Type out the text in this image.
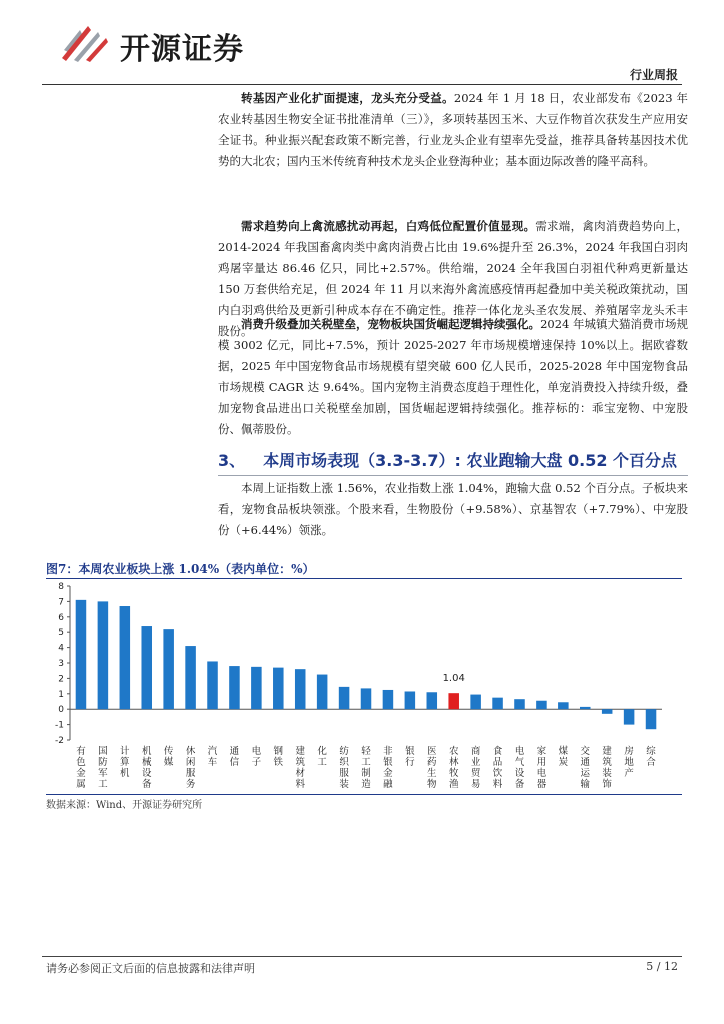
开源证券
行业周报

转基因产业化扩面提速，龙头充分受益。2024 年 1 月 18 日，农业部发布《2023 年农业转基因生物安全证书批准清单（三）》，多项转基因玉米、大豆作物首次获发生产应用安全证书。种业振兴配套政策不断完善，行业龙头企业有望率先受益，推荐具备转基因技术优势的大北农；国内玉米传统育种技术龙头企业登海种业；基本面边际改善的隆平高科。

需求趋势向上禽流感扰动再起，白鸡低位配置价值显现。需求端，禽肉消费趋势向上，2014-2024 年我国畜禽肉类中禽肉消费占比由 19.6%提升至 26.3%，2024 年我国白羽肉鸡屠宰量达 86.46 亿只，同比+2.57%。供给端，2024 全年我国白羽祖代种鸡更新量达 150 万套供给充足，但 2024 年 11 月以来海外禽流感疫情再起叠加中美关税政策扰动，国内白羽鸡供给及更新引种成本存在不确定性。推荐一体化龙头圣农发展、养殖屠宰龙头禾丰股份。

消费升级叠加关税壁垒，宠物板块国货崛起逻辑持续强化。2024 年城镇犬猫消费市场规模 3002 亿元，同比+7.5%，预计 2025-2027 年市场规模增速保持 10%以上。据欧睿数据，2025 年中国宠物食品市场规模有望突破 600 亿人民币，2025-2028 年中国宠物食品市场规模 CAGR 达 9.64%。国内宠物主消费态度趋于理性化，单宠消费投入持续升级，叠加宠物食品进出口关税壁垒加剧，国货崛起逻辑持续强化。推荐标的：乖宝宠物、中宠股份、佩蒂股份。

3、 本周市场表现（3.3-3.7）: 农业跑输大盘 0.52 个百分点

本周上证指数上涨 1.56%，农业指数上涨 1.04%，跑输大盘 0.52 个百分点。子板块来看，宠物食品板块领涨。个股来看，生物股份（+9.58%）、京基智农（+7.79%）、中宠股份（+6.44%）领涨。

图7：本周农业板块上涨 1.04%（表内单位：%）
-2
-1
0
1
2
3
4
5
6
7
8
有色金属
国防军工
计算机
机械设备
传媒
休闲服务
汽车
通信
电子
钢铁
建筑材料
化工
纺织服装
轻工制造
非银金融
银行
医药生物
农林牧渔
1.04
商业贸易
食品饮料
电气设备
家用电器
煤炭
交通运输
建筑装饰
房地产
综合
数据来源：Wind、开源证券研究所
请务必参阅正文后面的信息披露和法律声明	5 / 12
